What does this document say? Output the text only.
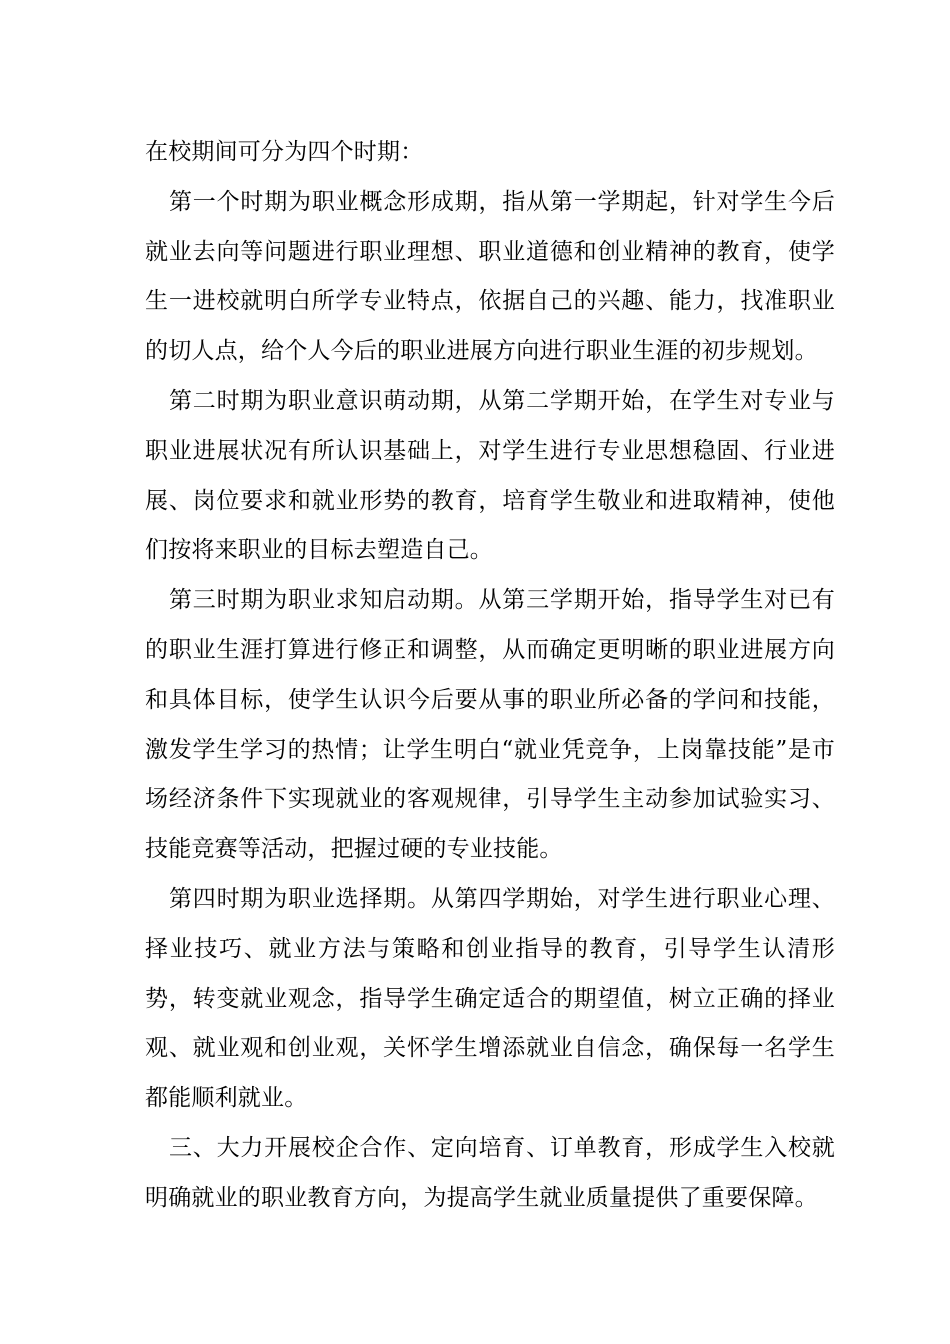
在校期间可分为四个时期：

第一个时期为职业概念形成期，指从第一学期起，针对学生今后就业去向等问题进行职业理想、职业道德和创业精神的教育，使学生一进校就明白所学专业特点，依据自己的兴趣、能力，找准职业的切人点，给个人今后的职业进展方向进行职业生涯的初步规划。

第二时期为职业意识萌动期，从第二学期开始，在学生对专业与职业进展状况有所认识基础上，对学生进行专业思想稳固、行业进展、岗位要求和就业形势的教育，培育学生敬业和进取精神，使他们按将来职业的目标去塑造自己。

第三时期为职业求知启动期。从第三学期开始，指导学生对已有的职业生涯打算进行修正和调整，从而确定更明晰的职业进展方向和具体目标，使学生认识今后要从事的职业所必备的学问和技能，激发学生学习的热情；让学生明白“就业凭竞争，上岗靠技能”是市场经济条件下实现就业的客观规律，引导学生主动参加试验实习、技能竞赛等活动，把握过硬的专业技能。

第四时期为职业选择期。从第四学期始，对学生进行职业心理、择业技巧、就业方法与策略和创业指导的教育，引导学生认清形势，转变就业观念，指导学生确定适合的期望值，树立正确的择业观、就业观和创业观，关怀学生增添就业自信念，确保每一名学生都能顺利就业。

三、大力开展校企合作、定向培育、订单教育，形成学生入校就明确就业的职业教育方向，为提高学生就业质量提供了重要保障。
